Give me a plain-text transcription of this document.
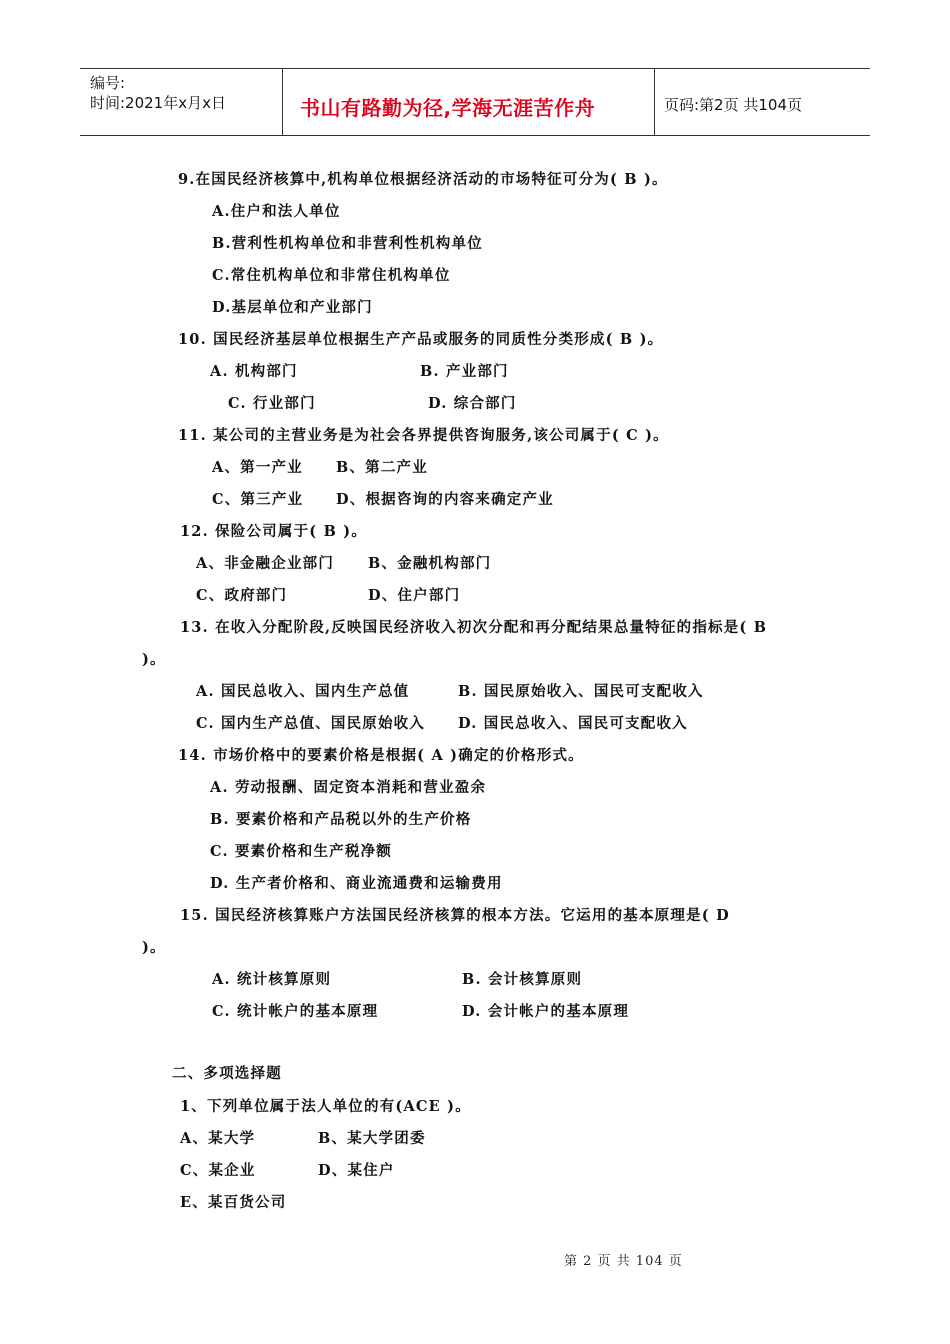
编号:
时间:2021年x月x日	书山有路勤为径,学海无涯苦作舟	页码:第2页 共104页
9.在国民经济核算中,机构单位根据经济活动的市场特征可分为( B )。
A.住户和法人单位
B.营利性机构单位和非营利性机构单位
C.常住机构单位和非常住机构单位
D.基层单位和产业部门
10. 国民经济基层单位根据生产产品或服务的同质性分类形成( B )。
A. 机构部门	B. 产业部门
C. 行业部门	D. 综合部门
11. 某公司的主营业务是为社会各界提供咨询服务,该公司属于( C )。
A、第一产业 B、第二产业
C、第三产业 D、根据咨询的内容来确定产业
12. 保险公司属于( B )。
A、非金融企业部门 B、金融机构部门
C、政府部门	D、住户部门
13. 在收入分配阶段,反映国民经济收入初次分配和再分配结果总量特征的指标是( B
)。
A. 国民总收入、国内生产总值	B. 国民原始收入、国民可支配收入
C. 国内生产总值、国民原始收入 D. 国民总收入、国民可支配收入
14. 市场价格中的要素价格是根据( A )确定的价格形式。
A. 劳动报酬、固定资本消耗和营业盈余
B. 要素价格和产品税以外的生产价格
C. 要素价格和生产税净额
D. 生产者价格和、商业流通费和运输费用
15. 国民经济核算账户方法国民经济核算的根本方法。它运用的基本原理是( D
)。
A. 统计核算原则	B. 会计核算原则
C. 统计帐户的基本原理	D. 会计帐户的基本原理
二、多项选择题
1、下列单位属于法人单位的有(ACE )。
A、某大学	B、某大学团委
C、某企业	D、某住户
E、某百货公司
第 2 页 共 104 页
